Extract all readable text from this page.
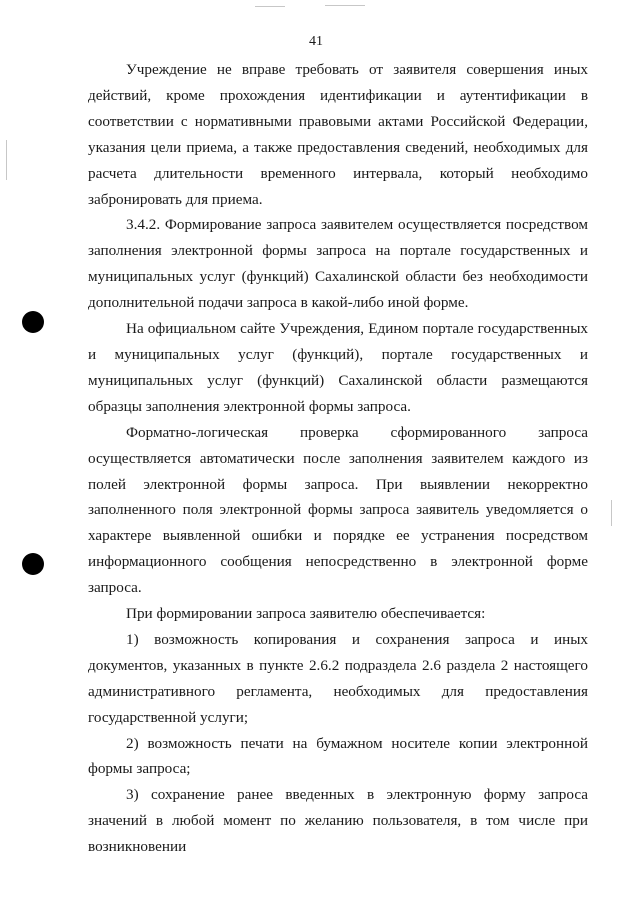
41

Учреждение не вправе требовать от заявителя совершения иных действий, кроме прохождения идентификации и аутентификации в соответствии с нормативными правовыми актами Российской Федерации, указания цели приема, а также предоставления сведений, необходимых для расчета длительности временного интервала, который необходимо забронировать для приема.

3.4.2. Формирование запроса заявителем осуществляется посредством заполнения электронной формы запроса на портале государственных и муниципальных услуг (функций) Сахалинской области без необходимости дополнительной подачи запроса в какой-либо иной форме.

На официальном сайте Учреждения, Едином портале государственных и муниципальных услуг (функций), портале государственных и муниципальных услуг (функций) Сахалинской области размещаются образцы заполнения электронной формы запроса.

Форматно-логическая проверка сформированного запроса осуществляется автоматически после заполнения заявителем каждого из полей электронной формы запроса. При выявлении некорректно заполненного поля электронной формы запроса заявитель уведомляется о характере выявленной ошибки и порядке ее устранения посредством информационного сообщения непосредственно в электронной форме запроса.

При формировании запроса заявителю обеспечивается:

1) возможность копирования и сохранения запроса и иных документов, указанных в пункте 2.6.2 подраздела 2.6 раздела 2 настоящего административного регламента, необходимых для предоставления государственной услуги;

2) возможность печати на бумажном носителе копии электронной формы запроса;

3) сохранение ранее введенных в электронную форму запроса значений в любой момент по желанию пользователя, в том числе при возникновении
